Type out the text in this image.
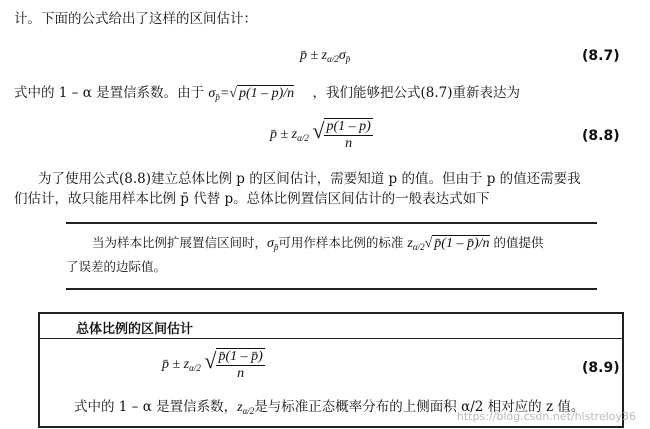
计。下面的公式给出了这样的区间估计：
p̄ ± $z_{\alpha/2}\sigma_{p̄}$	(8.7)
式中的 1 – α 是置信系数。由于 $\sigma_{p̄}=√$ p(1 – p)/n ，我们能够把公式(8.7)重新表达为
p̄ ± $z_{\alpha/2}$ √ $\frac{p(1 - p)}{n}$	(8.8)
为了使用公式(8.8)建立总体比例 p 的区间估计，需要知道 p 的值。但由于 p 的值还需要我
们估计，故只能用样本比例 p̄ 代替 p。总体比例置信区间估计的一般表达式如下
当为样本比例扩展置信区间时，$\sigma_{p̄}$可用作样本比例的标准 $z_{\alpha/2}√$ p̄(1 – p̄)/n 的值提供
了误差的边际值。
总体比例的区间估计
p̄ ± $z_{\alpha/2}$ √ $\frac{p̄(1 - p̄)}{n}$	(8.9)
式中的 1 – α 是置信系数，$z_{\alpha/2}$是与标准正态概率分布的上侧面积 α/2 相对应的 z 值。
https://blog.csdn.net/hlstreloy36
